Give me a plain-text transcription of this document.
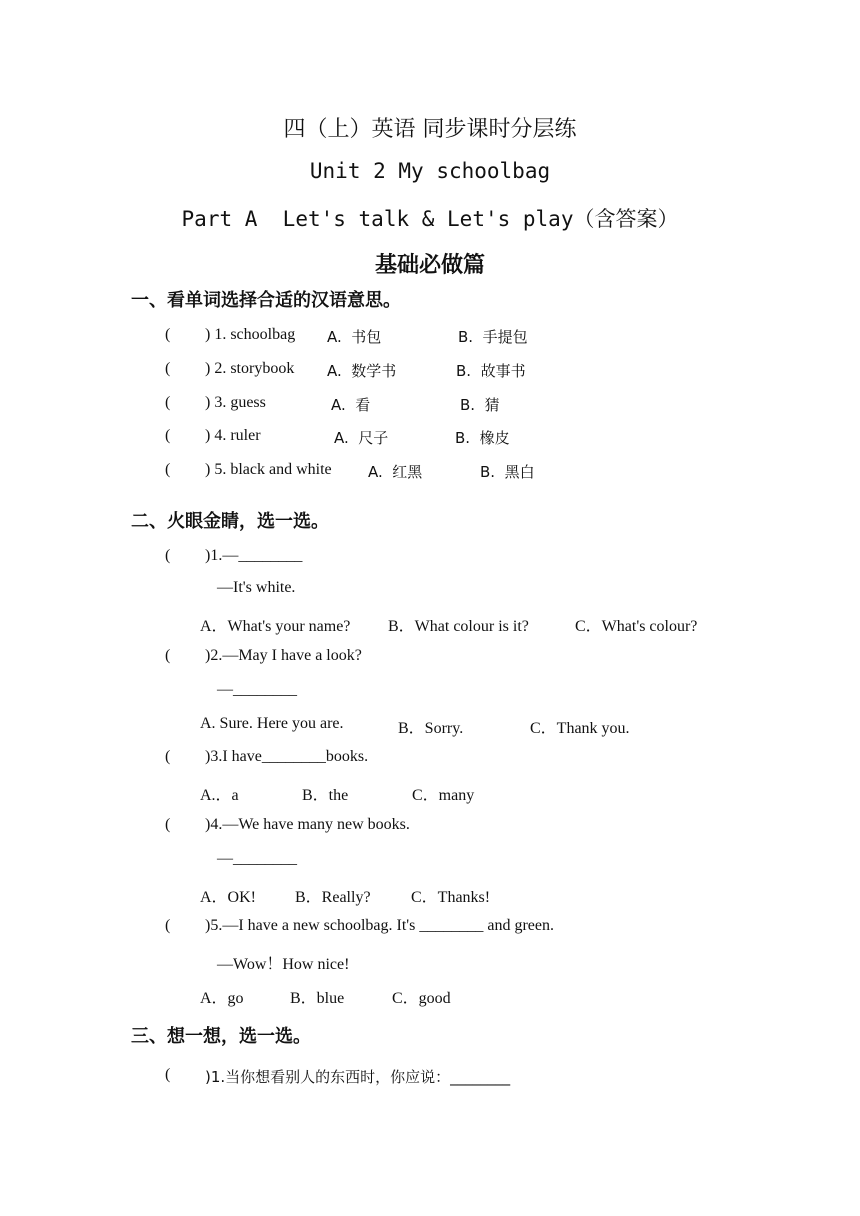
四（上）英语 同步课时分层练
Unit 2 My schoolbag
Part A  Let's talk & Let's play（含答案）
基础必做篇
一、看单词选择合适的汉语意思。
( ) 1. schoolbag A.  书包	B.  手提包
( ) 2. storybook A.  数学书	B.  故事书
( ) 3. guess	A.  看	B.  猜
( ) 4. ruler	A.  尺子	B.  橡皮
( ) 5. black and white A.  红黑	B.  黑白
二、火眼金睛，选一选。
( )1.—________
—It's white.
A．What's your name? B．What colour is it?	C．What's colour?
( )2.—May I have a look?
—________
A. Sure. Here you are.	B．Sorry.	C．Thank you.
( )3.I have________books.
A.．a	B．the	C．many
( )4.—We have many new books.
—________
A．OK! B．Really?	C．Thanks!
( )5.—I have a new schoolbag. It's ________ and green.
—Wow！How nice!
A．go	B．blue	C．good
三、想一想，选一选。
( )1.当你想看别人的东西时，你应说：________
